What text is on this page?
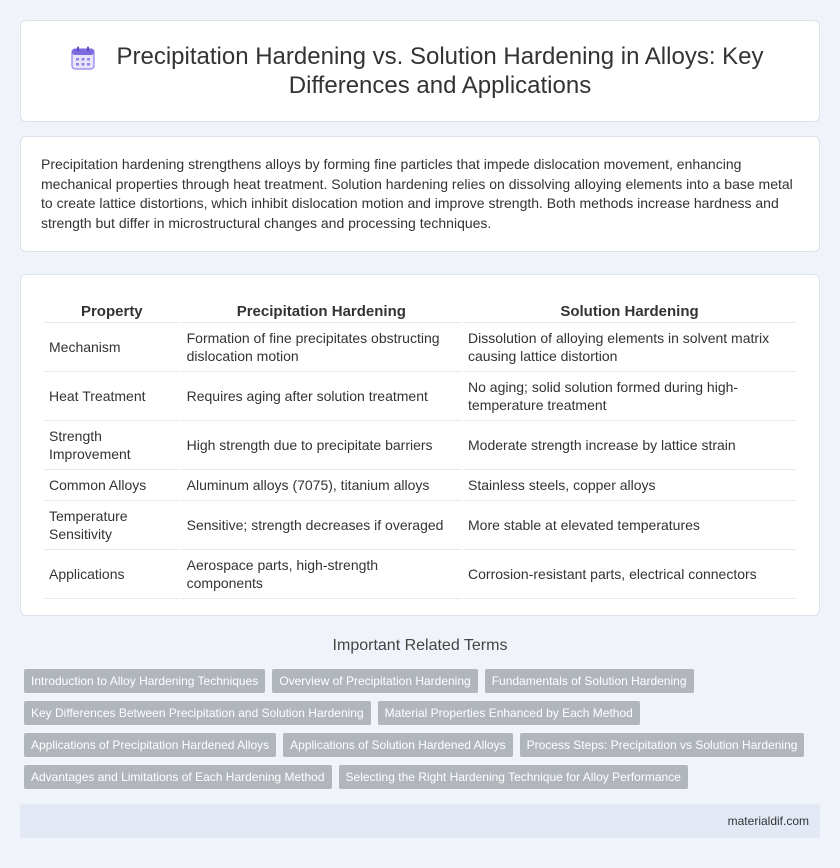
Precipitation Hardening vs. Solution Hardening in Alloys: Key Differences and Applications

Precipitation hardening strengthens alloys by forming fine particles that impede dislocation movement, enhancing mechanical properties through heat treatment. Solution hardening relies on dissolving alloying elements into a base metal to create lattice distortions, which inhibit dislocation motion and improve strength. Both methods increase hardness and strength but differ in microstructural changes and processing techniques.

Property	Precipitation Hardening	Solution Hardening
Mechanism	Formation of fine precipitates obstructing dislocation motion	Dissolution of alloying elements in solvent matrix causing lattice distortion
Heat Treatment	Requires aging after solution treatment	No aging; solid solution formed during high-temperature treatment
Strength Improvement	High strength due to precipitate barriers	Moderate strength increase by lattice strain
Common Alloys	Aluminum alloys (7075), titanium alloys	Stainless steels, copper alloys
Temperature Sensitivity	Sensitive; strength decreases if overaged	More stable at elevated temperatures
Applications	Aerospace parts, high-strength components	Corrosion-resistant parts, electrical connectors
Important Related Terms
Introduction to Alloy Hardening Techniques	Overview of Precipitation Hardening	Fundamentals of Solution Hardening
Key Differences Between Precipitation and Solution Hardening	Material Properties Enhanced by Each Method
Applications of Precipitation Hardened Alloys	Applications of Solution Hardened Alloys	Process Steps: Precipitation vs Solution Hardening
Advantages and Limitations of Each Hardening Method	Selecting the Right Hardening Technique for Alloy Performance
materialdif.com
